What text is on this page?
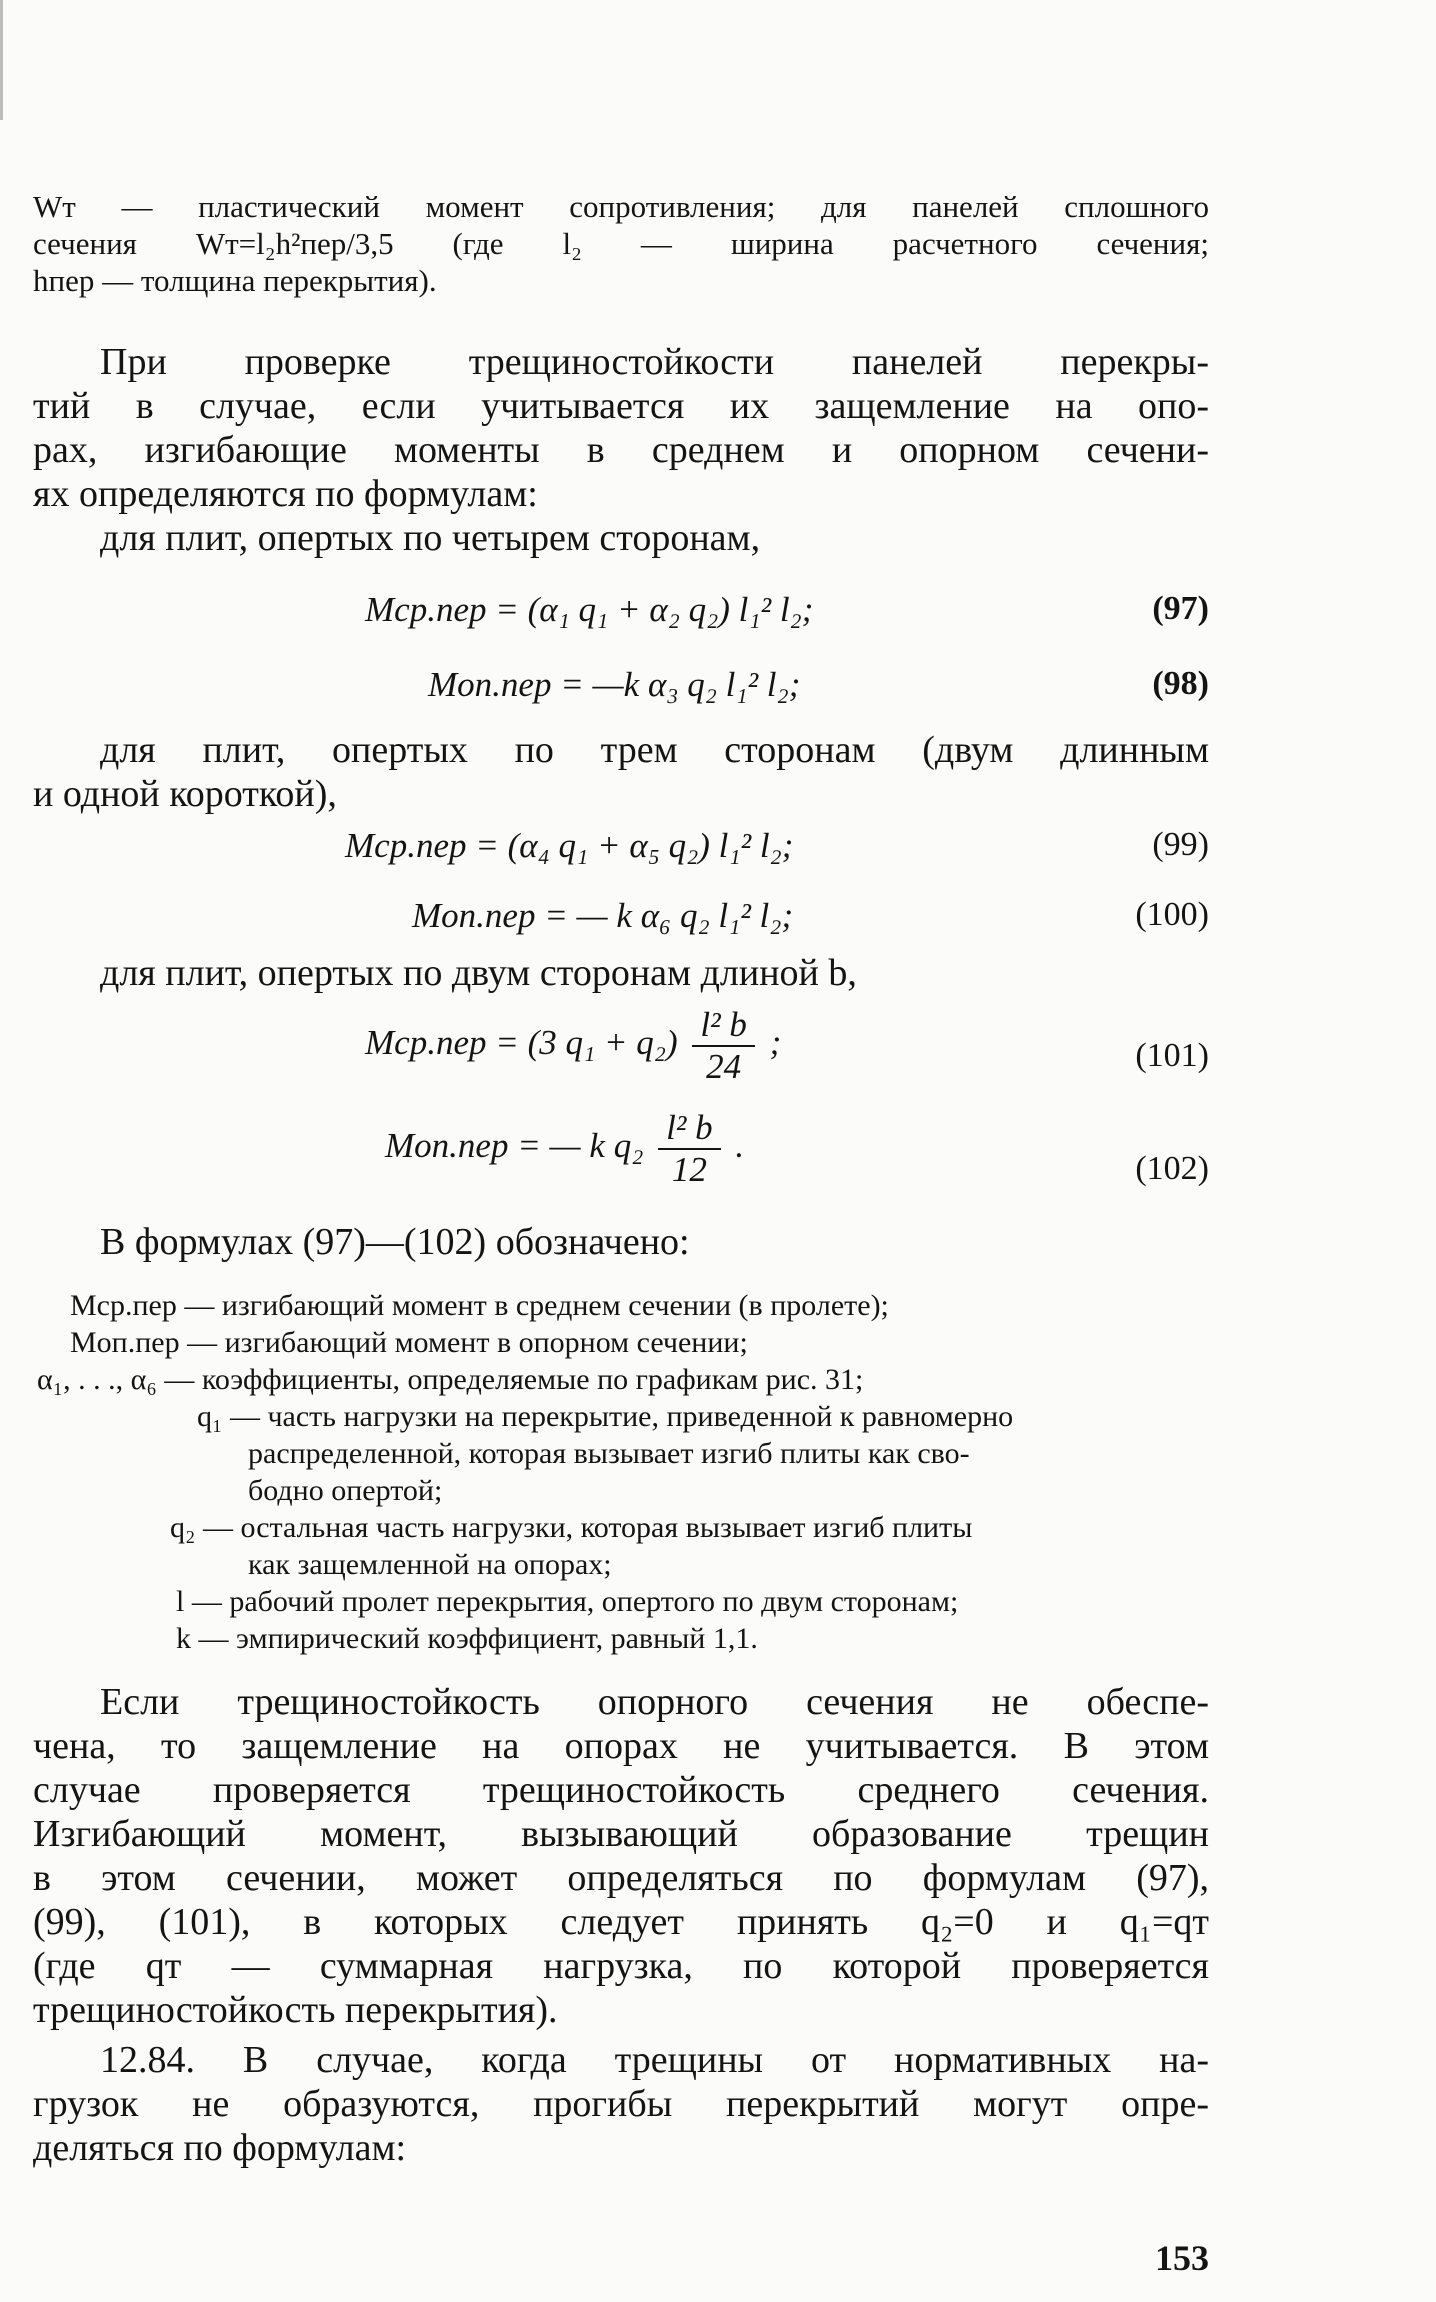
Wт — пластический момент сопротивления; для панелей сплошного
сечения Wт=l₂h²пер/3,5 (где l₂ — ширина расчетного сечения;
hпер — толщина перекрытия).
При проверке трещиностойкости панелей перекры-
тий в случае, если учитывается их защемление на опо-
рах, изгибающие моменты в среднем и опорном сечени-
ях определяются по формулам:
для плит, опертых по четырем сторонам,
Mср.пер = (α₁ q₁ + α₂ q₂) l₁² l₂;	(97)
Mоп.пер = —k α₃ q₂ l₁² l₂;	(98)
для плит, опертых по трем сторонам (двум длинным
и одной короткой),
Mср.пер = (α₄ q₁ + α₅ q₂) l₁² l₂;	(99)
Mоп.пер = — k α₆ q₂ l₁² l₂;	(100)
для плит, опертых по двум сторонам длиной b,
Mср.пер = (3 $q_1 + q_2) \frac{\text{l² b}}{24}$ ;	(101)
Mоп.пер = — k $q_2 \frac{\text{l² b}}{12}$ .
(102)
В формулах (97)—(102) обозначено:
Mср.пер — изгибающий момент в среднем сечении (в пролете);
Mоп.пер — изгибающий момент в опорном сечении;
α₁, . . ., α₆ — коэффициенты, определяемые по графикам рис. 31;
q₁ — часть нагрузки на перекрытие, приведенной к равномерно
распределенной, которая вызывает изгиб плиты как сво-
бодно опертой;
q₂ — остальная часть нагрузки, которая вызывает изгиб плиты
как защемленной на опорах;
l — рабочий пролет перекрытия, опертого по двум сторонам;
k — эмпирический коэффициент, равный 1,1.
Если трещиностойкость опорного сечения не обеспе-
чена, то защемление на опорах не учитывается. В этом
случае проверяется трещиностойкость среднего сечения.
Изгибающий момент, вызывающий образование трещин
в этом сечении, может определяться по формулам (97),
(99), (101), в которых следует принять q₂=0 и q₁=qт
(где qт — суммарная нагрузка, по которой проверяется
трещиностойкость перекрытия).
12.84. В случае, когда трещины от нормативных на-
грузок не образуются, прогибы перекрытий могут опре-
деляться по формулам:
153
